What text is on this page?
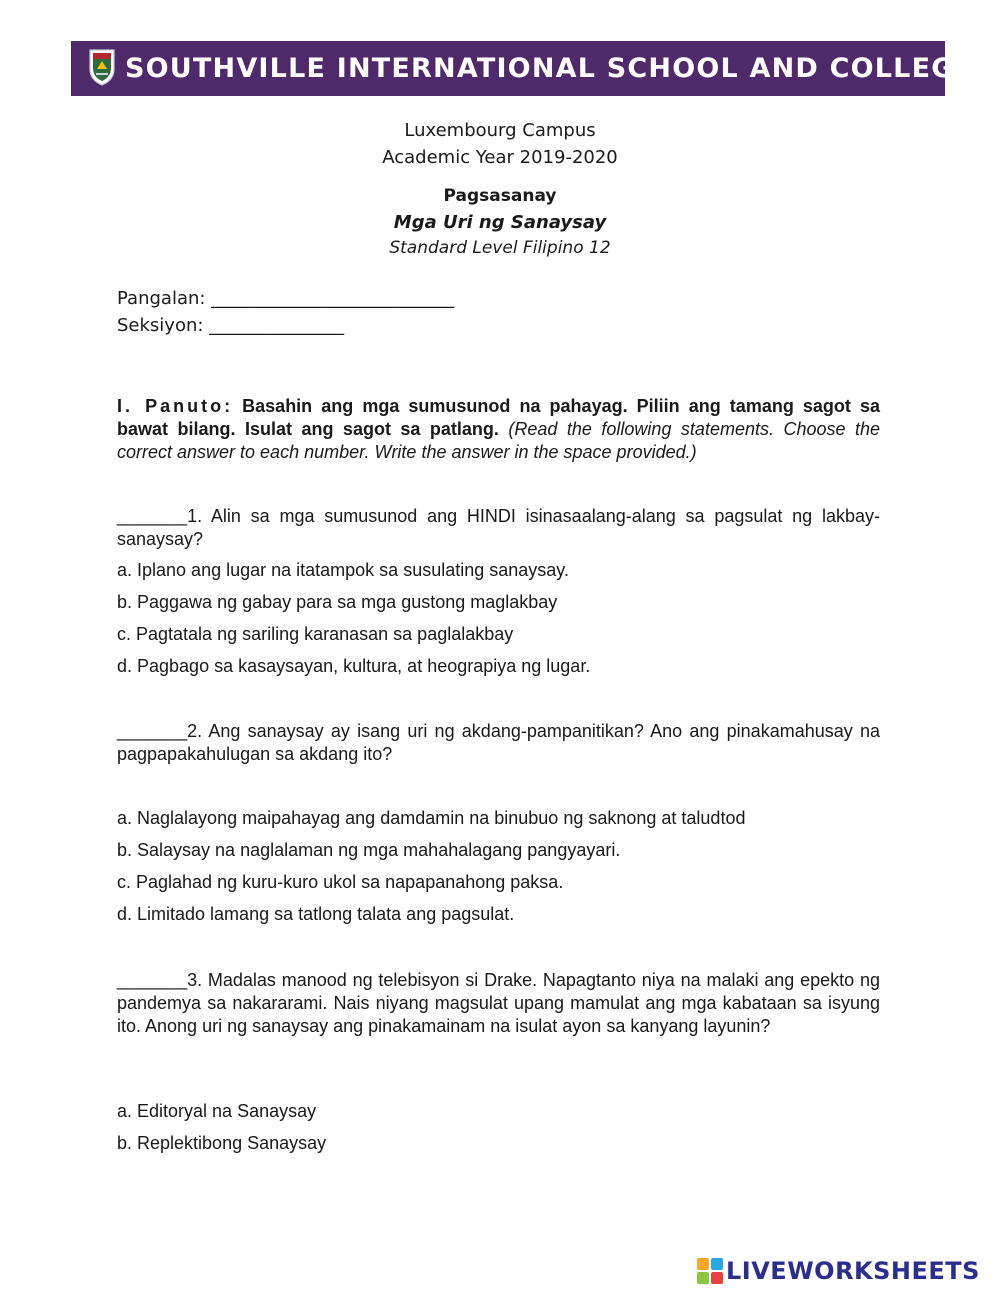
SOUTHVILLE INTERNATIONAL SCHOOL AND COLLEGES
Luxembourg Campus
Academic Year 2019-2020
Pagsasanay
Mga Uri ng Sanaysay
Standard Level Filipino 12
Pangalan: ___________________________
Seksiyon: _______________
I. Panuto: Basahin ang mga sumusunod na pahayag. Piliin ang tamang sagot sa bawat bilang. Isulat ang sagot sa patlang. (Read the following statements. Choose the correct answer to each number. Write the answer in the space provided.)
_______1. Alin sa mga sumusunod ang HINDI isinasaalang-alang sa pagsulat ng lakbay-sanaysay?
a. Iplano ang lugar na itatampok sa susulating sanaysay.
b. Paggawa ng gabay para sa mga gustong maglakbay
c. Pagtatala ng sariling karanasan sa paglalakbay
d. Pagbago sa kasaysayan, kultura, at heograpiya ng lugar.
_______2. Ang sanaysay ay isang uri ng akdang-pampanitikan? Ano ang pinakamahusay na pagpapakahulugan sa akdang ito?
a. Naglalayong maipahayag ang damdamin na binubuo ng saknong at taludtod
b. Salaysay na naglalaman ng mga mahahalagang pangyayari.
c. Paglahad ng kuru-kuro ukol sa napapanahong paksa.
d. Limitado lamang sa tatlong talata ang pagsulat.
_______3. Madalas manood ng telebisyon si Drake. Napagtanto niya na malaki ang epekto ng pandemya sa nakararami. Nais niyang magsulat upang mamulat ang mga kabataan sa isyung ito. Anong uri ng sanaysay ang pinakamainam na isulat ayon sa kanyang layunin?
a. Editoryal na Sanaysay
b. Replektibong Sanaysay
LIVEWORKSHEETS
